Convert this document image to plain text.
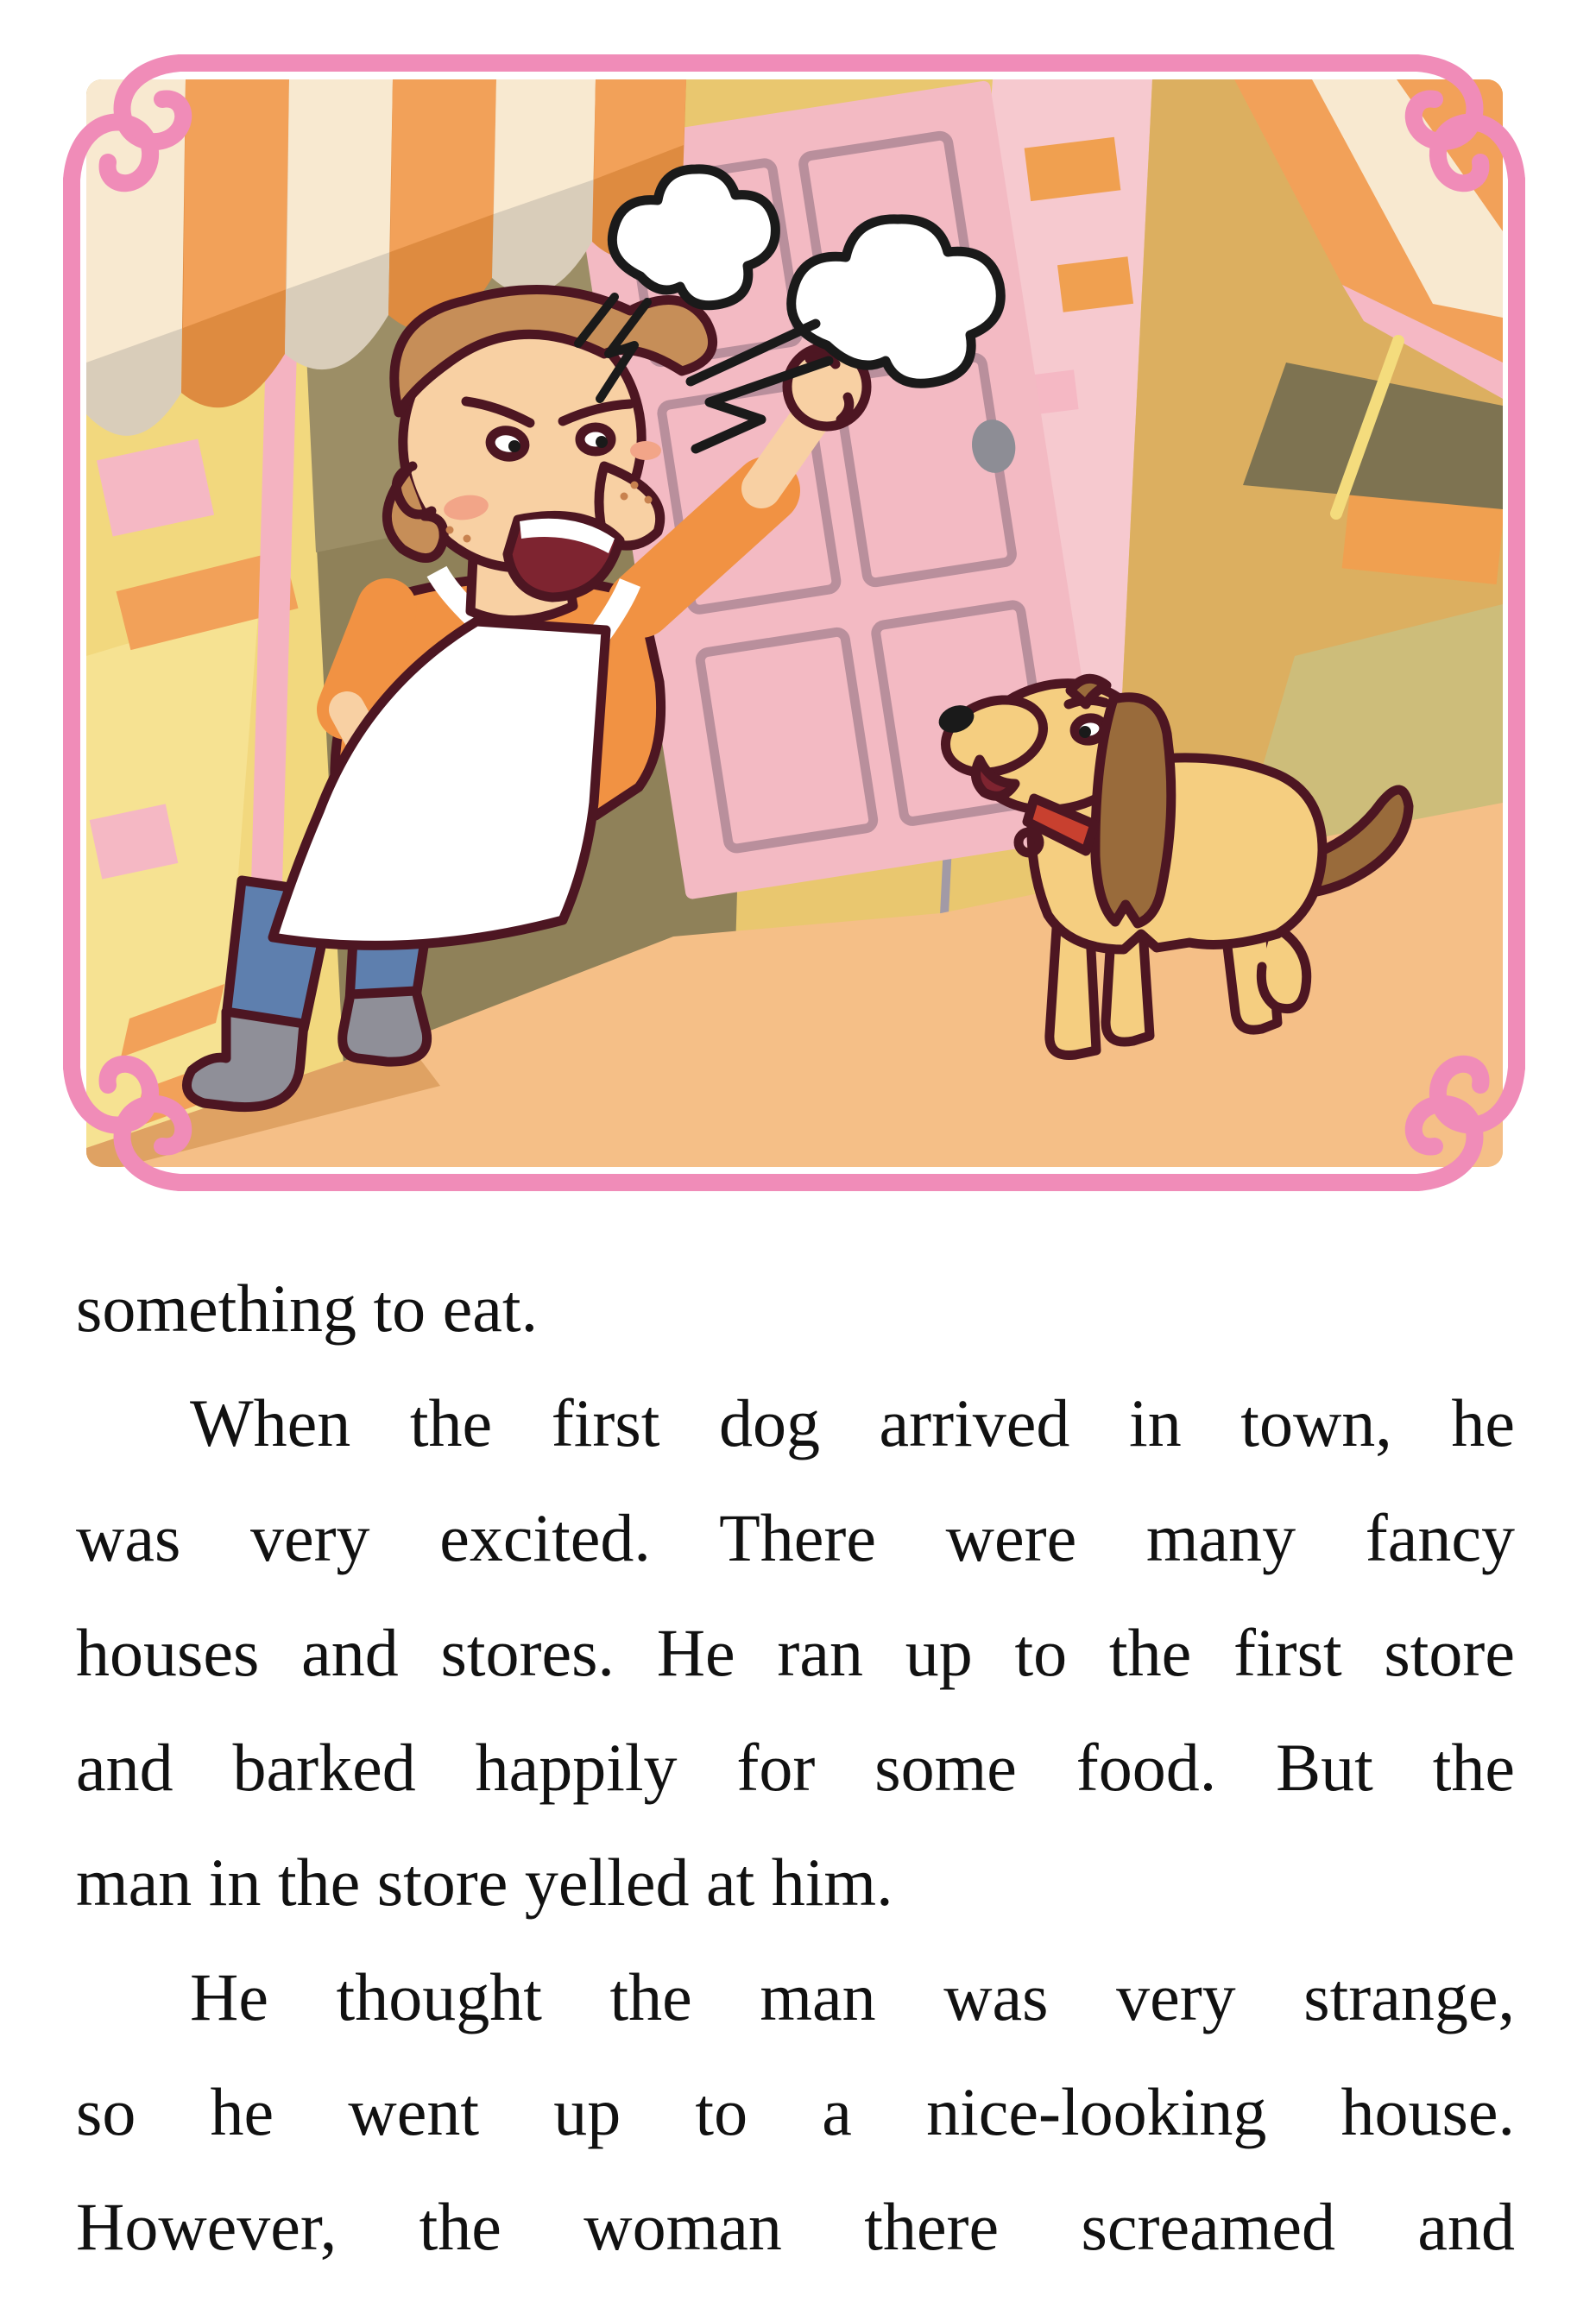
something to eat.
When the first dog arrived in town, he
was very excited. There were many fancy
houses and stores. He ran up to the first store
and barked happily for some food. But the
man in the store yelled at him.
He thought the man was very strange,
so he went up to a nice-looking house.
However, the woman there screamed and
